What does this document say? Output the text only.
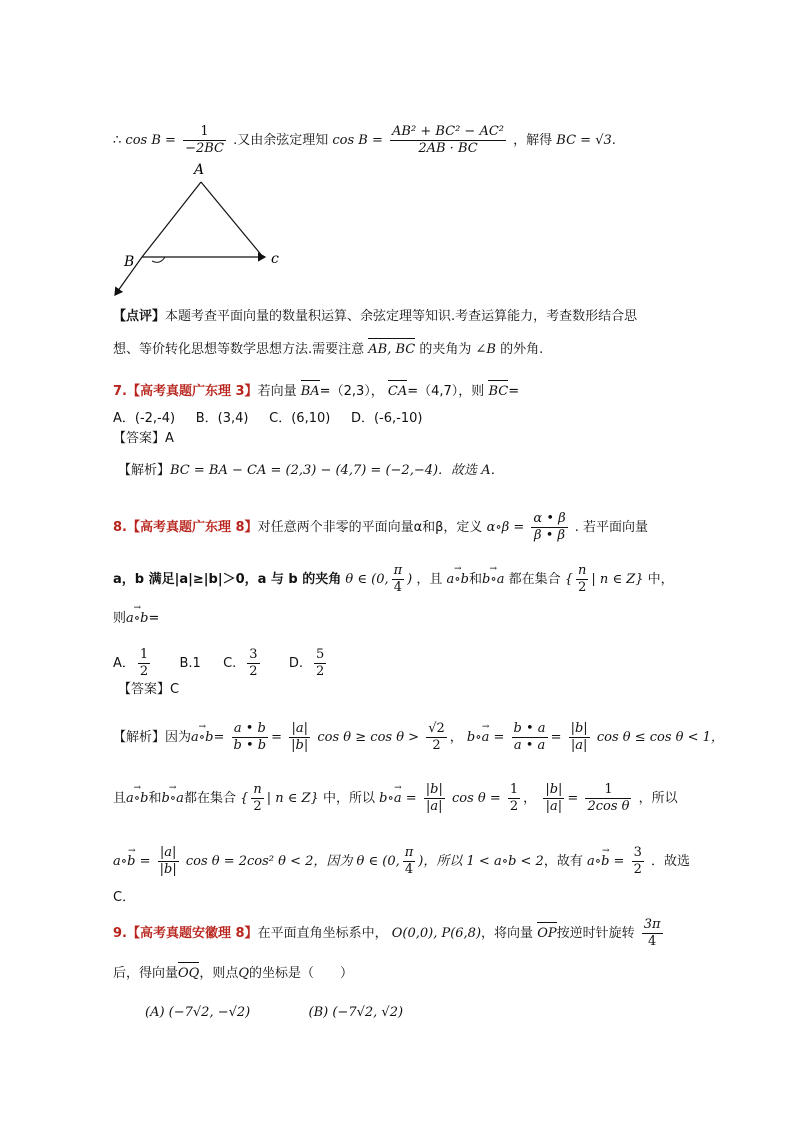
∴ $\cos B = \frac{1}{-2BC}$ .又由余弦定理知 $\cos B = \frac{\text{AB² + BC² − AC²}}{2AB \cdot BC}$ ，解得 BC = √3.
A
B	c
【点评】本题考查平面向量的数量积运算、余弦定理等知识.考查运算能力，考查数形结合思
想、等价转化思想等数学思想方法.需要注意 AB, BC 的夹角为 ∠B 的外角.
7.【高考真题广东理 3】若向量 BA=（2,3）， CA=（4,7），则 BC=
A．(-2,-4)     B．(3,4)     C．(6,10)     D．(-6,-10)
【答案】A
【解析】BC = BA − CA = (2,3) − (4,7) = (−2,−4)．故选 A．
8.【高考真题广东理 8】对任意两个非零的平面向量α和β，定义 α∘β = $\frac{\alpha • \beta}{\beta • \beta}$ . 若平面向量
a，b 满足|a|≥|b|＞0，a 与 b 的夹角 θ ∈ (0, $\frac{\pi}{4}$ ) ，且 → a∘b和→ b∘a 都在集合 { $\frac{n}{2}$ | n ∈ Z} 中，
则→ a∘b=
A． $\frac{1}{2} B.1$ C. $\frac{3}{2} D$. $\frac{5}{2}$
【答案】C
【解析】因为→ a∘b= $\frac{a • b}{b • b} = \frac{|a|}{|b|}$ $\cos \theta \ge \cos \theta > \frac{√2}{2}$ ， → b∘a = $\frac{b • a}{a • a} = \frac{|b|}{|a|}$ cos θ ≤ cos θ < 1，
且→ a∘b和→ b∘a都在集合 { $\frac{n}{2}$ | n ∈ Z} 中，所以 → b∘a = $\frac{|b|}{|a|}$ $\cos \theta = \frac{1}{2}$ ， $\frac{|b|}{|a|} = \frac{1}{\text{2cos θ}}$ ，所以
→ a∘b = $\frac{|a|}{|b|}$ cos θ = 2cos² θ < 2，因为 θ ∈ (0, $\frac{\pi}{4}$ )，所以 1 < a∘b < 2，故有 → a∘b = $\frac{3}{2}$ ．故选
C．
9.【高考真题安徽理 8】在平面直角坐标系中， O(0,0), P(6,8)，将向量 OP按逆时针旋转 $\frac{3\pi}{4}$
后，得向量OQ，则点Q的坐标是（　　）
(A) (−7√2, −√2)	(B) (−7√2, √2)
